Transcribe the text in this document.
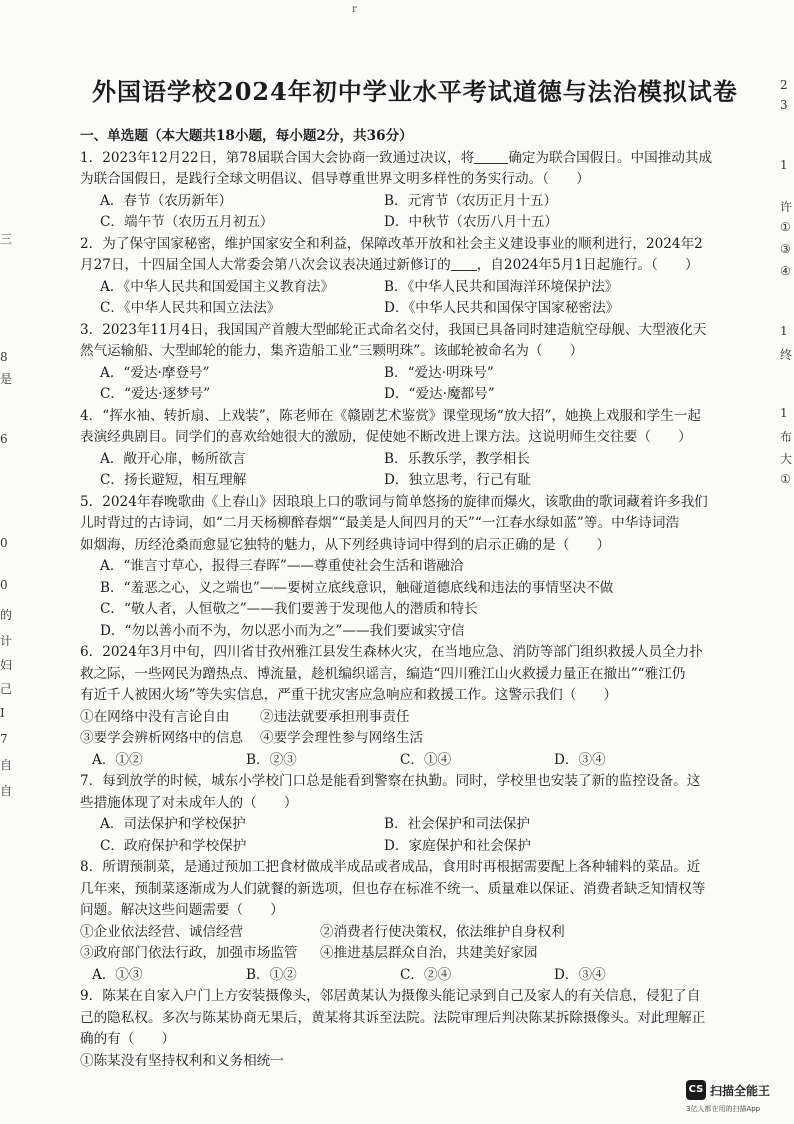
r
外国语学校2024年初中学业水平考试道德与法治模拟试卷
一、单选题（本大题共18小题，每小题2分，共36分）
1．2023年12月22日，第78届联合国大会协商一致通过决议，将	确定为联合国假日。中国推动其成
为联合国假日，是践行全球文明倡议、倡导尊重世界文明多样性的务实行动。（　　）
A．春节（农历新年）	B．元宵节（农历正月十五）
C．端午节（农历五月初五）	D．中秋节（农历八月十五）
2．为了保守国家秘密，维护国家安全和利益，保障改革开放和社会主义建设事业的顺利进行，2024年2
月27日，十四届全国人大常委会第八次会议表决通过新修订的 ，自2024年5月1日起施行。（　　）
A．《中华人民共和国爱国主义教育法》	B．《中华人民共和国海洋环境保护法》
C．《中华人民共和国立法法》	D．《中华人民共和国保守国家秘密法》
3．2023年11月4日，我国国产首艘大型邮轮正式命名交付，我国已具备同时建造航空母舰、大型液化天
然气运输船、大型邮轮的能力，集齐造船工业“三颗明珠”。该邮轮被命名为（　　）
A．“爱达·摩登号”	B．“爱达·明珠号”
C．“爱达·逐梦号”	D．“爱达·魔都号”
4．“挥水袖、转折扇、上戏装”，陈老师在《赣剧艺术鉴赏》课堂现场“放大招”，她换上戏服和学生一起
表演经典剧目。同学们的喜欢给她很大的激励，促使她不断改进上课方法。这说明师生交往要（　　）
A．敞开心扉，畅所欲言	B．乐教乐学，教学相长
C．扬长避短，相互理解	D．独立思考，行己有耻
5．2024年春晚歌曲《上春山》因琅琅上口的歌词与简单悠扬的旋律而爆火，该歌曲的歌词藏着许多我们
儿时背过的古诗词，如“二月天杨柳醉春烟”“最美是人间四月的天”“一江春水绿如蓝”等。中华诗词浩
如烟海，历经沧桑而愈显它独特的魅力，从下列经典诗词中得到的启示正确的是（　　）
A．“谁言寸草心，报得三春晖”——尊重使社会生活和谐融洽
B．“羞恶之心，义之端也”——要树立底线意识，触碰道德底线和违法的事情坚决不做
C．“敬人者，人恒敬之”——我们要善于发现他人的潜质和特长
D．“勿以善小而不为，勿以恶小而为之”——我们要诚实守信
6．2024年3月中旬，四川省甘孜州雅江县发生森林火灾，在当地应急、消防等部门组织救援人员全力扑
救之际，一些网民为蹭热点、博流量，趁机编织谣言，编造“四川雅江山火救援力量正在撤出”“雅江仍
有近千人被困火场”等失实信息，严重干扰灾害应急响应和救援工作。这警示我们（　　）
①在网络中没有言论自由	②违法就要承担刑事责任
③要学会辨析网络中的信息	④要学会理性参与网络生活
A．①②	B．②③	C．①④	D．③④
7．每到放学的时候，城东小学校门口总是能看到警察在执勤。同时，学校里也安装了新的监控设备。这
些措施体现了对未成年人的（　　）
A．司法保护和学校保护	B．社会保护和司法保护
C．政府保护和学校保护	D．家庭保护和社会保护
8．所谓预制菜，是通过预加工把食材做成半成品或者成品，食用时再根据需要配上各种辅料的菜品。近
几年来，预制菜逐渐成为人们就餐的新选项，但也存在标准不统一、质量难以保证、消费者缺乏知情权等
问题。解决这些问题需要（　　）
①企业依法经营、诚信经营	②消费者行使决策权，依法维护自身权利
③政府部门依法行政，加强市场监管	④推进基层群众自治，共建美好家园
A．①③	B．①②	C．②④	D．③④
9．陈某在自家入户门上方安装摄像头，邻居黄某认为摄像头能记录到自己及家人的有关信息，侵犯了自
己的隐私权。多次与陈某协商无果后，黄某将其诉至法院。法院审理后判决陈某拆除摄像头。对此理解正
确的有（　　）
①陈某没有坚持权利和义务相统一
三
8
是
6
0
0
的
计
妇
己
I
7
自
自
2
3
1
许
①
③
④
1
终
1
布
大
①
CS 扫描全能王
3亿人都在用的扫描App
